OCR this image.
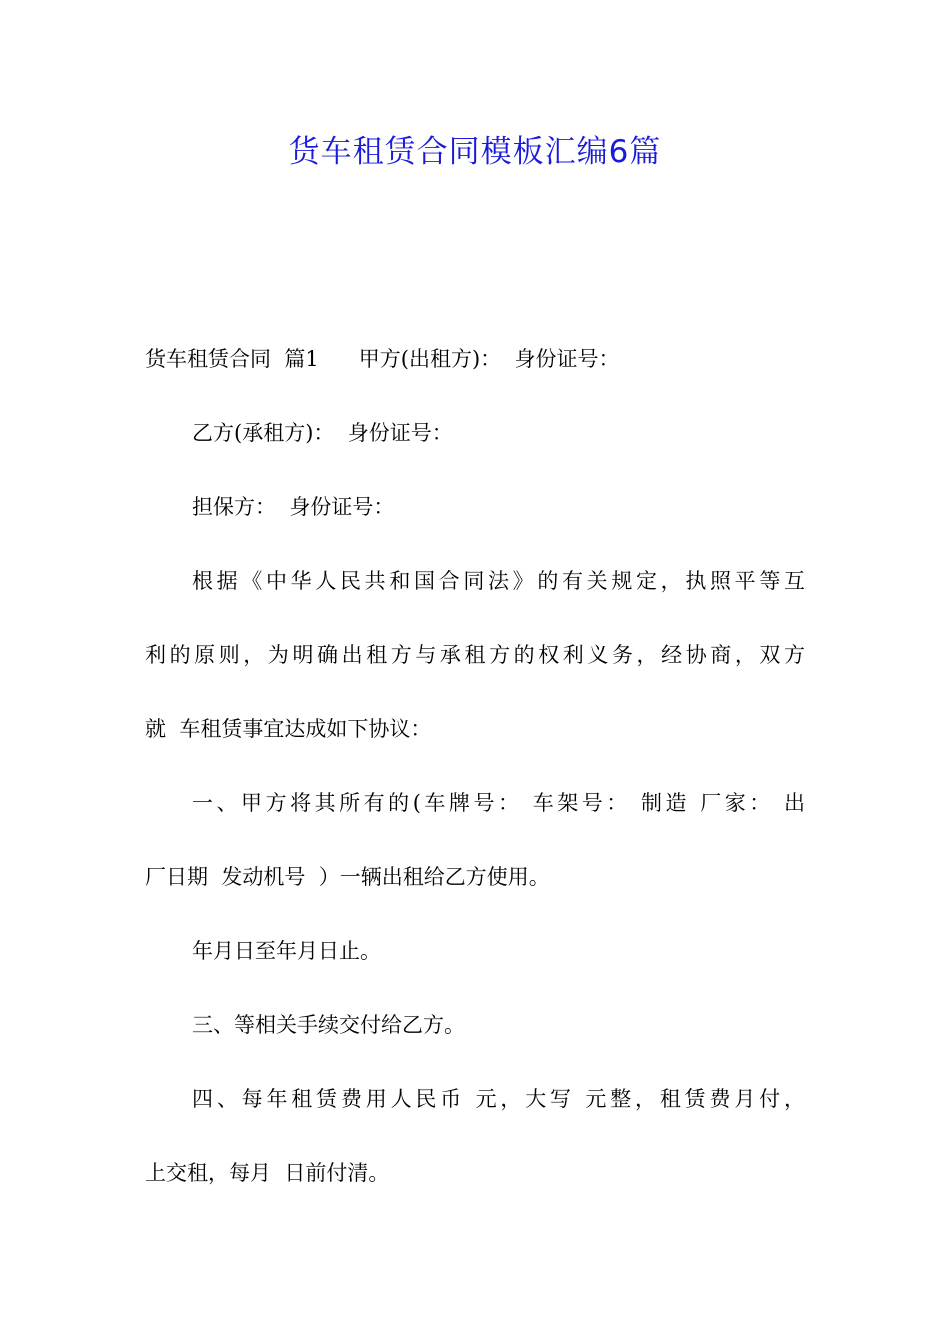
货车租赁合同模板汇编6篇
货车租赁合同  篇1      甲方(出租方)：  身份证号：
乙方(承租方)：  身份证号：
担保方：  身份证号：
根据《中华人民共和国合同法》的有关规定，执照平等互
利的原则，为明确出租方与承租方的权利义务，经协商，双方
就  车租赁事宜达成如下协议：
一、甲方将其所有的(车牌号： 车架号： 制造 厂家： 出
厂日期  发动机号  ）一辆出租给乙方使用。
年月日至年月日止。
三、等相关手续交付给乙方。
四、每年租赁费用人民币 元，大写 元整，租赁费月付，
上交租，每月  日前付清。
